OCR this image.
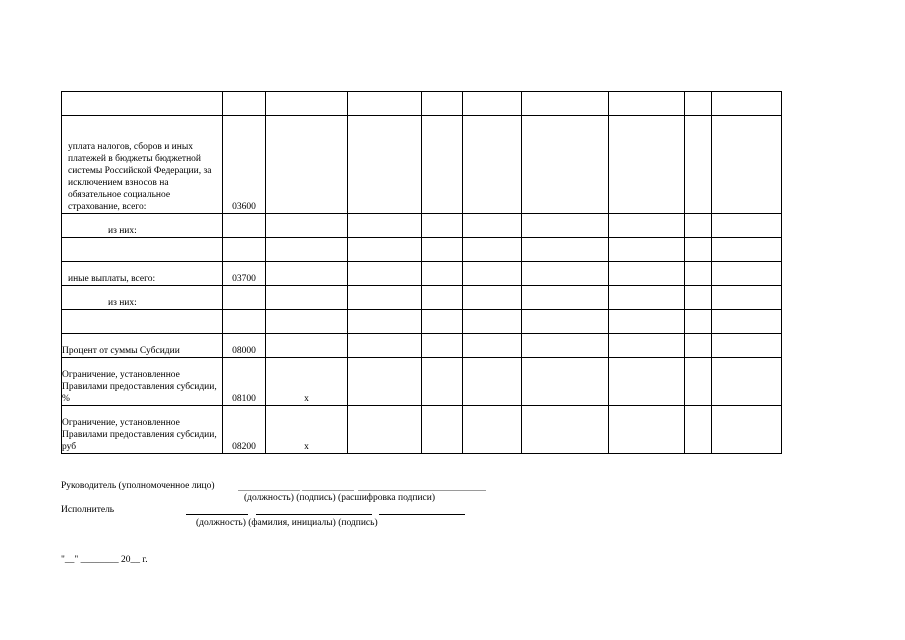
уплата налогов, сборов и иных платежей в бюджеты бюджетной системы Российской Федерации, за исключением взносов на обязательное социальное страхование, всего:	03600								
из них:									

иные выплаты, всего:	03700								
из них:									

Процент от суммы Субсидии	08000								
Ограничение, установленное Правилами предоставления субсидии, %	08100	x							
Ограничение, установленное Правилами предоставления субсидии, руб	08200	x							
Руководитель (уполномоченное лицо)
(должность) (подпись) (расшифровка подписи)
Исполнитель
(должность) (фамилия, инициалы) (подпись)
"__" ________ 20__ г.
